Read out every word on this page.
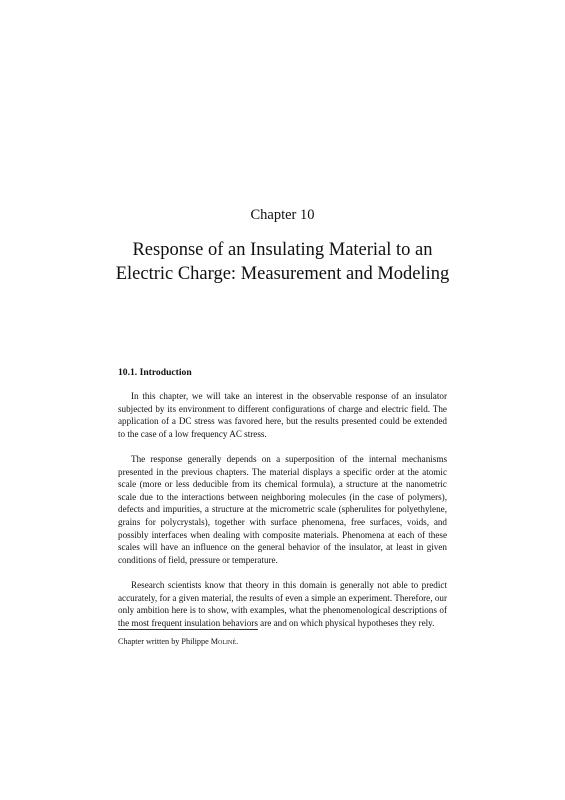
Chapter 10
Response of an Insulating Material to an
Electric Charge: Measurement and Modeling
10.1. Introduction

In this chapter, we will take an interest in the observable response of an insulator subjected by its environment to different configurations of charge and electric field. The application of a DC stress was favored here, but the results presented could be extended to the case of a low frequency AC stress.

The response generally depends on a superposition of the internal mechanisms presented in the previous chapters. The material displays a specific order at the atomic scale (more or less deducible from its chemical formula), a structure at the nanometric scale due to the interactions between neighboring molecules (in the case of polymers), defects and impurities, a structure at the micrometric scale (spherulites for polyethylene, grains for polycrystals), together with surface phenomena, free surfaces, voids, and possibly interfaces when dealing with composite materials. Phenomena at each of these scales will have an influence on the general behavior of the insulator, at least in given conditions of field, pressure or temperature.

Research scientists know that theory in this domain is generally not able to predict accurately, for a given material, the results of even a simple an experiment. Therefore, our only ambition here is to show, with examples, what the phenomenological descriptions of the most frequent insulation behaviors are and on which physical hypotheses they rely.

Chapter written by Philippe Moliné.
